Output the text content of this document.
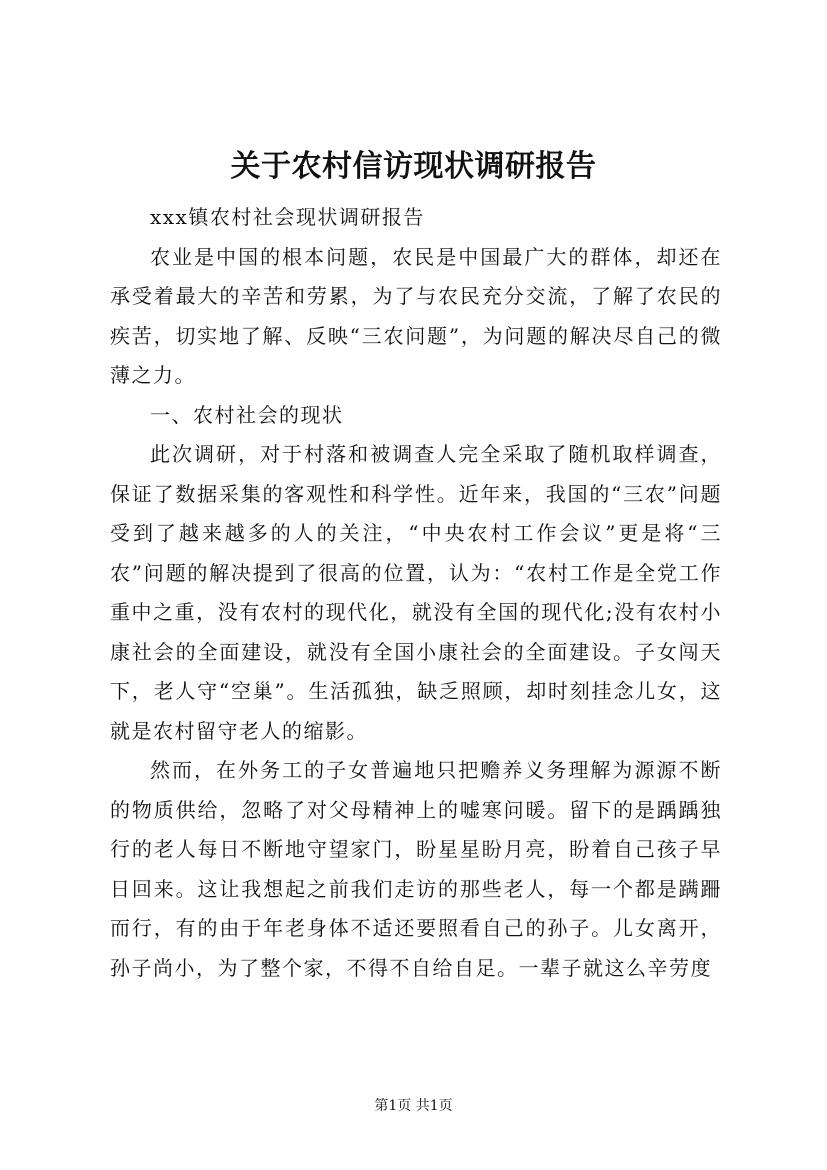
关于农村信访现状调研报告

xxx镇农村社会现状调研报告

农业是中国的根本问题，农民是中国最广大的群体，却还在承受着最大的辛苦和劳累，为了与农民充分交流，了解了农民的疾苦，切实地了解、反映“三农问题”，为问题的解决尽自己的微薄之力。

一、农村社会的现状

此次调研，对于村落和被调查人完全采取了随机取样调查，保证了数据采集的客观性和科学性。近年来，我国的“三农”问题受到了越来越多的人的关注，“中央农村工作会议”更是将“三农”问题的解决提到了很高的位置，认为：“农村工作是全党工作重中之重，没有农村的现代化，就没有全国的现代化;没有农村小康社会的全面建设，就没有全国小康社会的全面建设。子女闯天下，老人守“空巢”。生活孤独，缺乏照顾，却时刻挂念儿女，这就是农村留守老人的缩影。

然而，在外务工的子女普遍地只把赡养义务理解为源源不断的物质供给，忽略了对父母精神上的嘘寒问暖。留下的是踽踽独行的老人每日不断地守望家门，盼星星盼月亮，盼着自己孩子早日回来。这让我想起之前我们走访的那些老人，每一个都是蹒跚而行，有的由于年老身体不适还要照看自己的孙子。儿女离开，孙子尚小，为了整个家，不得不自给自足。一辈子就这么辛劳度

第1页 共1页
